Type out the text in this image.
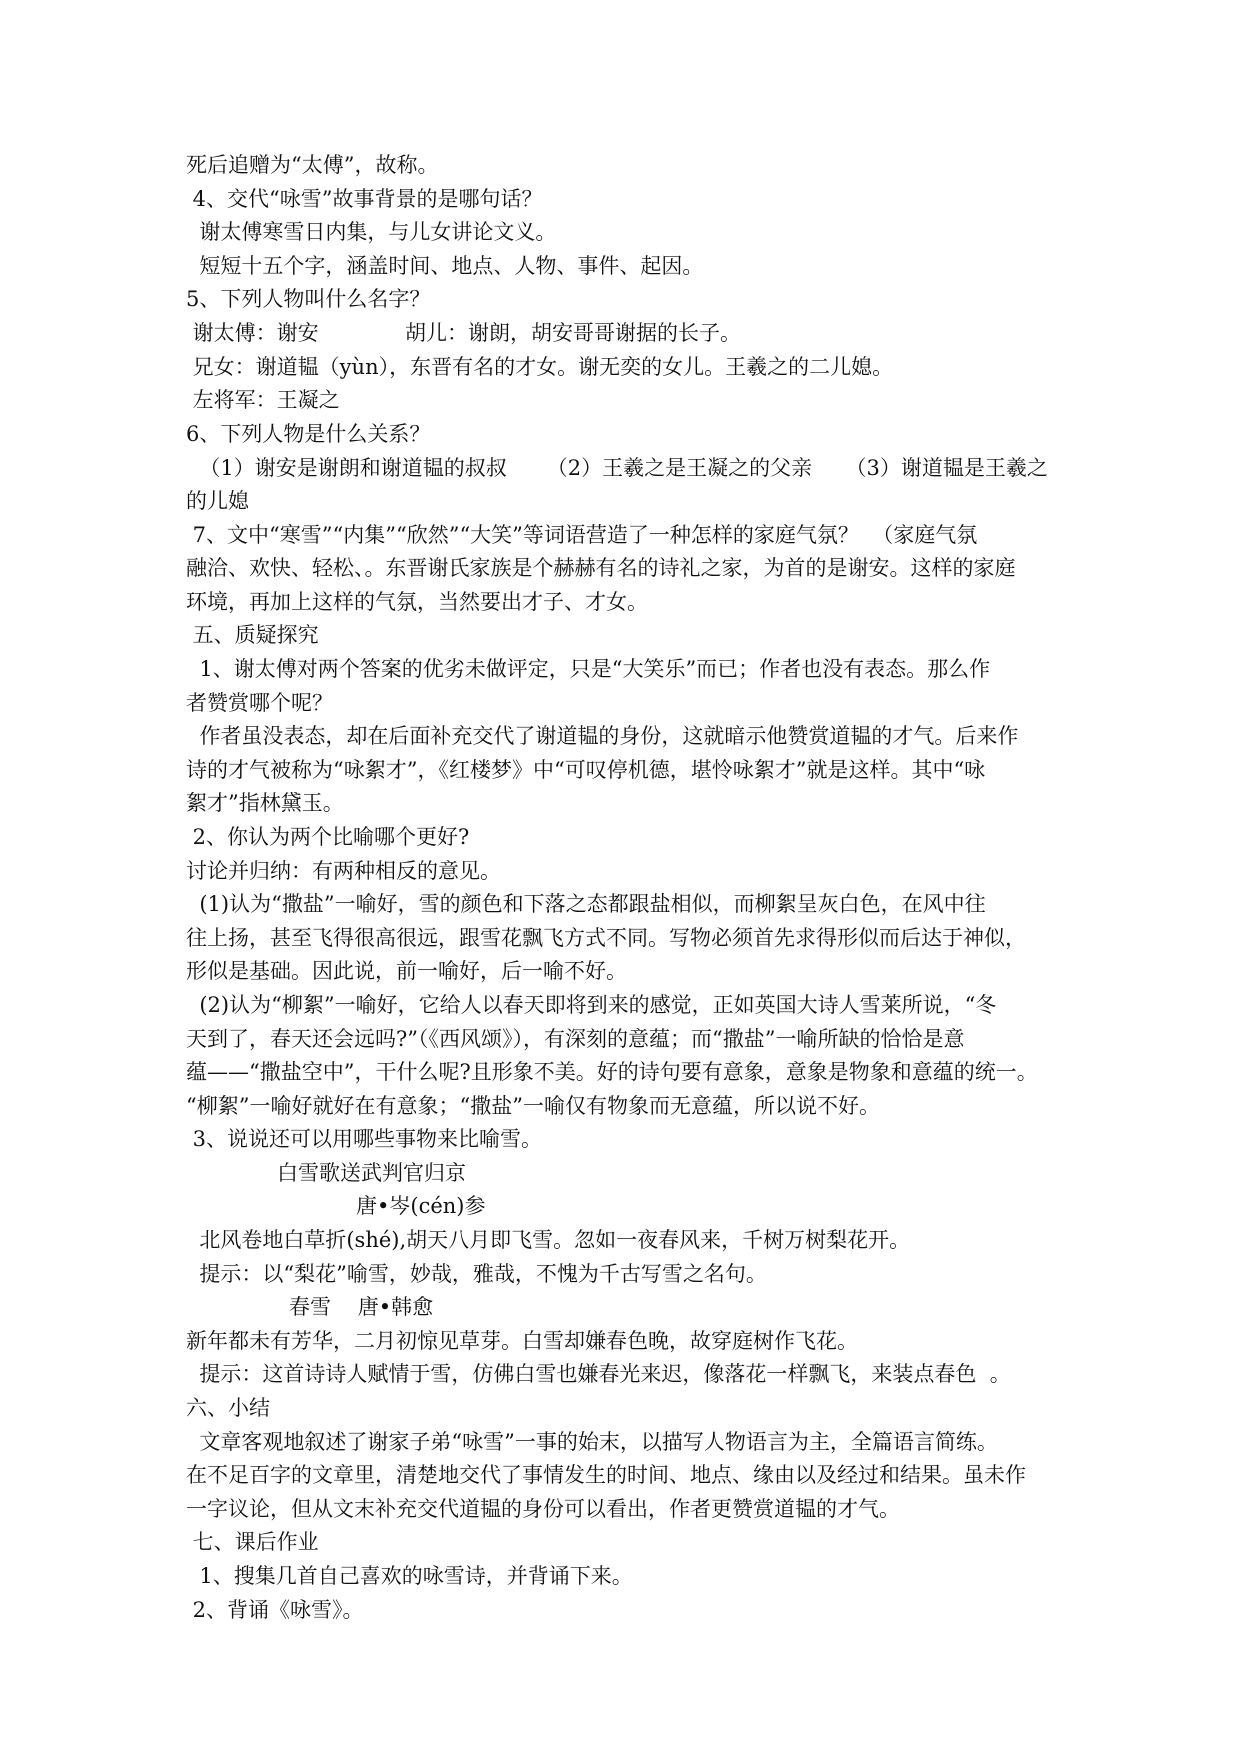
死后追赠为“太傅”，故称。
4、交代“咏雪”故事背景的是哪句话？
谢太傅寒雪日内集，与儿女讲论文义。
短短十五个字，涵盖时间、地点、人物、事件、起因。
5、下列人物叫什么名字？
谢太傅：谢安	胡儿：谢朗，胡安哥哥谢据的长子。
兄女：谢道韫（yùn），东晋有名的才女。谢无奕的女儿。王羲之的二儿媳。
左将军：王凝之
6、下列人物是什么关系？
（1）谢安是谢朗和谢道韫的叔叔      （2）王羲之是王凝之的父亲     （3）谢道韫是王羲之
的儿媳
7、文中“寒雪”“内集”“欣然”“大笑”等词语营造了一种怎样的家庭气氛？  （家庭气氛
融洽、欢快、轻松、。东晋谢氏家族是个赫赫有名的诗礼之家，为首的是谢安。这样的家庭
环境，再加上这样的气氛，当然要出才子、才女。
五、质疑探究
1、谢太傅对两个答案的优劣未做评定，只是“大笑乐”而已；作者也没有表态。那么作
者赞赏哪个呢？
作者虽没表态，却在后面补充交代了谢道韫的身份，这就暗示他赞赏道韫的才气。后来作
诗的才气被称为“咏絮才”，《红楼梦》中“可叹停机德，堪怜咏絮才”就是这样。其中“咏
絮才”指林黛玉。
2、你认为两个比喻哪个更好?
讨论并归纳：有两种相反的意见。
(1)认为“撒盐”一喻好，雪的颜色和下落之态都跟盐相似，而柳絮呈灰白色，在风中往
往上扬，甚至飞得很高很远，跟雪花飘飞方式不同。写物必须首先求得形似而后达于神似，
形似是基础。因此说，前一喻好，后一喻不好。
(2)认为“柳絮”一喻好，它给人以春天即将到来的感觉，正如英国大诗人雪莱所说，“冬
天到了，春天还会远吗?”（《西风颂》），有深刻的意蕴；而“撒盐”一喻所缺的恰恰是意
蕴——“撒盐空中”，干什么呢?且形象不美。好的诗句要有意象，意象是物象和意蕴的统一。
“柳絮”一喻好就好在有意象；“撒盐”一喻仅有物象而无意蕴，所以说不好。
3、说说还可以用哪些事物来比喻雪。
白雪歌送武判官归京
唐•岑(cén)参
北风卷地白草折(shé),胡天八月即飞雪。忽如一夜春风来，千树万树梨花开。
提示：以“梨花”喻雪，妙哉，雅哉，不愧为千古写雪之名句。
春雪    唐•韩愈
新年都未有芳华，二月初惊见草芽。白雪却嫌春色晚，故穿庭树作飞花。
提示：这首诗诗人赋情于雪，仿佛白雪也嫌春光来迟，像落花一样飘飞，来装点春色  。
六、小结
文章客观地叙述了谢家子弟“咏雪”一事的始末，以描写人物语言为主，全篇语言简练。
在不足百字的文章里，清楚地交代了事情发生的时间、地点、缘由以及经过和结果。虽未作
一字议论，但从文末补充交代道韫的身份可以看出，作者更赞赏道韫的才气。
七、课后作业
1、搜集几首自己喜欢的咏雪诗，并背诵下来。
2、背诵《咏雪》。
